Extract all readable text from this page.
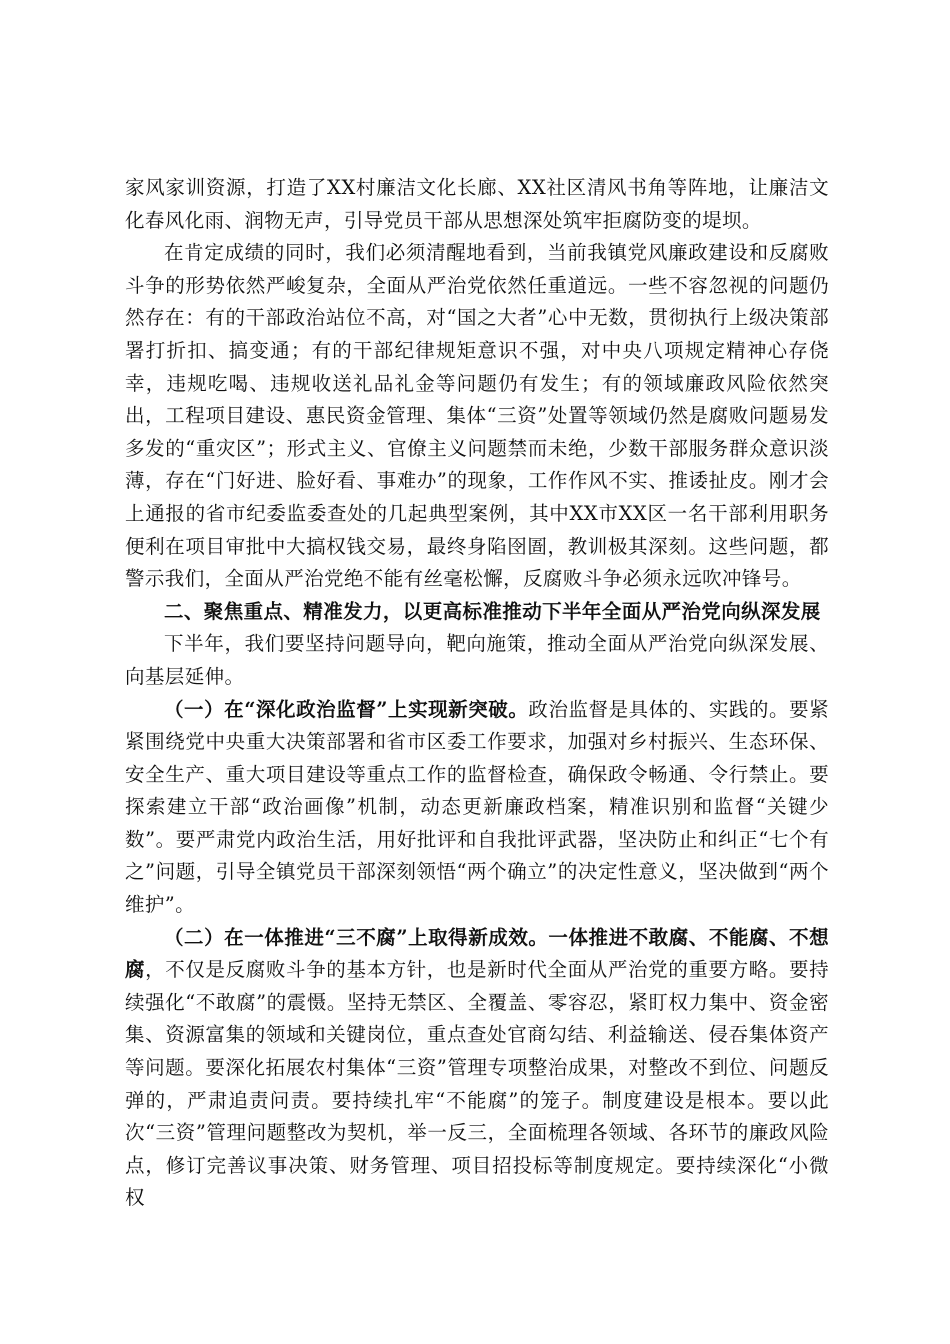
家风家训资源，打造了XX村廉洁文化长廊、XX社区清风书角等阵地，让廉洁文化春风化雨、润物无声，引导党员干部从思想深处筑牢拒腐防变的堤坝。

在肯定成绩的同时，我们必须清醒地看到，当前我镇党风廉政建设和反腐败斗争的形势依然严峻复杂，全面从严治党依然任重道远。一些不容忽视的问题仍然存在：有的干部政治站位不高，对“国之大者”心中无数，贯彻执行上级决策部署打折扣、搞变通；有的干部纪律规矩意识不强，对中央八项规定精神心存侥幸，违规吃喝、违规收送礼品礼金等问题仍有发生；有的领域廉政风险依然突出，工程项目建设、惠民资金管理、集体“三资”处置等领域仍然是腐败问题易发多发的“重灾区”；形式主义、官僚主义问题禁而未绝，少数干部服务群众意识淡薄，存在“门好进、脸好看、事难办”的现象，工作作风不实、推诿扯皮。刚才会上通报的省市纪委监委查处的几起典型案例，其中XX市XX区一名干部利用职务便利在项目审批中大搞权钱交易，最终身陷囹圄，教训极其深刻。这些问题，都警示我们，全面从严治党绝不能有丝毫松懈，反腐败斗争必须永远吹冲锋号。

二、聚焦重点、精准发力，以更高标准推动下半年全面从严治党向纵深发展

下半年，我们要坚持问题导向，靶向施策，推动全面从严治党向纵深发展、向基层延伸。

（一）在“深化政治监督”上实现新突破。政治监督是具体的、实践的。要紧紧围绕党中央重大决策部署和省市区委工作要求，加强对乡村振兴、生态环保、安全生产、重大项目建设等重点工作的监督检查，确保政令畅通、令行禁止。要探索建立干部“政治画像”机制，动态更新廉政档案，精准识别和监督“关键少数”。要严肃党内政治生活，用好批评和自我批评武器，坚决防止和纠正“七个有之”问题，引导全镇党员干部深刻领悟“两个确立”的决定性意义，坚决做到“两个维护”。

（二）在一体推进“三不腐”上取得新成效。一体推进不敢腐、不能腐、不想腐，不仅是反腐败斗争的基本方针，也是新时代全面从严治党的重要方略。要持续强化“不敢腐”的震慑。坚持无禁区、全覆盖、零容忍，紧盯权力集中、资金密集、资源富集的领域和关键岗位，重点查处官商勾结、利益输送、侵吞集体资产等问题。要深化拓展农村集体“三资”管理专项整治成果，对整改不到位、问题反弹的，严肃追责问责。要持续扎牢“不能腐”的笼子。制度建设是根本。要以此次“三资”管理问题整改为契机，举一反三，全面梳理各领域、各环节的廉政风险点，修订完善议事决策、财务管理、项目招投标等制度规定。要持续深化“小微权
